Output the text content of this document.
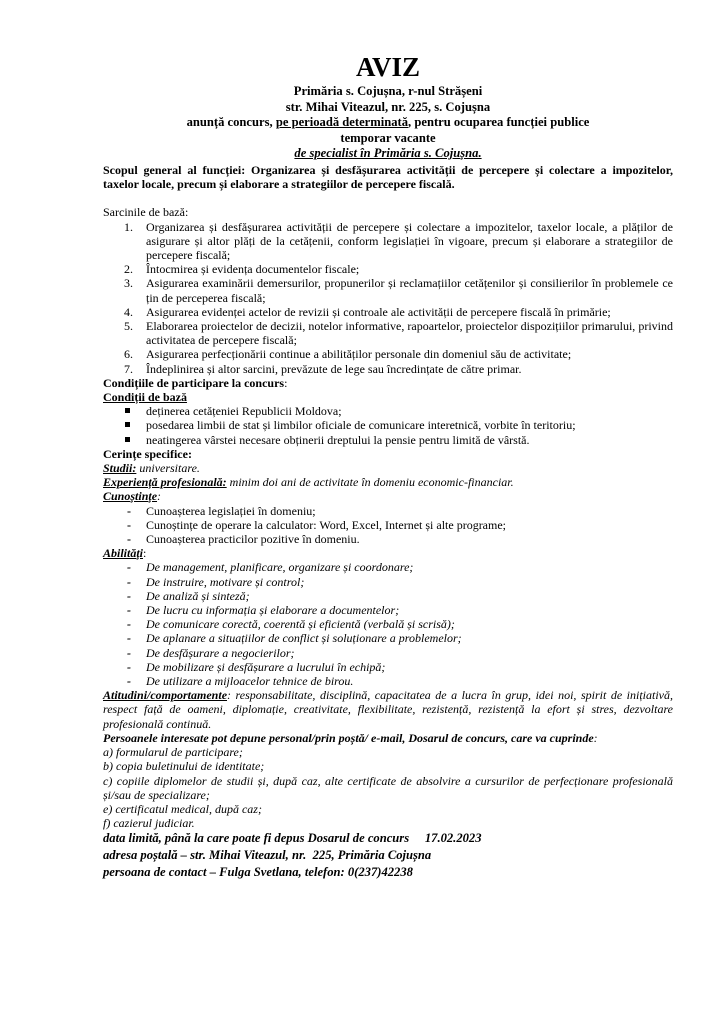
AVIZ
Primăria s. Cojușna, r-nul Strășeni
str. Mihai Viteazul, nr. 225, s. Cojușna
anunță concurs, pe perioadă determinată, pentru ocuparea funcției publice
temporar vacante
de specialist în Primăria s. Cojușna.
Scopul general al funcției: Organizarea și desfășurarea activității de percepere și colectare a impozitelor, taxelor locale, precum și elaborare a strategiilor de percepere fiscală.
Sarcinile de bază:
1. Organizarea și desfășurarea activității de percepere și colectare a impozitelor, taxelor locale, a plăților de asigurare și altor plăți de la cetățenii, conform legislației în vigoare, precum și elaborare a strategiilor de percepere fiscală;
2. Întocmirea și evidența documentelor fiscale;
3. Asigurarea examinării demersurilor, propunerilor și reclamațiilor cetățenilor și consilierilor în problemele ce țin de perceperea fiscală;
4. Asigurarea evidenței actelor de revizii și controale ale activității de percepere fiscală în primărie;
5. Elaborarea proiectelor de decizii, notelor informative, rapoartelor, proiectelor dispozițiilor primarului, privind activitatea de percepere fiscală;
6. Asigurarea perfecționării continue a abilităților personale din domeniul său de activitate;
7. Îndeplinirea și altor sarcini, prevăzute de lege sau încredințate de către primar.
Condițiile de participare la concurs:
Condiții de bază
deținerea cetățeniei Republicii Moldova;
posedarea limbii de stat și limbilor oficiale de comunicare interetnică, vorbite în teritoriu;
neatingerea vârstei necesare obținerii dreptului la pensie pentru limită de vârstă.
Cerințe specifice:
Studii: universitare.
Experiență profesională: minim doi ani de activitate în domeniu economic-financiar.
Cunoștințe:
- Cunoașterea legislației în domeniu;
- Cunoștințe de operare la calculator: Word, Excel, Internet și alte programe;
- Cunoașterea practicilor pozitive în domeniu.
Abilități:
- De management, planificare, organizare și coordonare;
- De instruire, motivare și control;
- De analiză și sinteză;
- De lucru cu informația și elaborare a documentelor;
- De comunicare corectă, coerentă și eficientă (verbală și scrisă);
- De aplanare a situațiilor de conflict și soluționare a problemelor;
- De desfășurare a negocierilor;
- De mobilizare și desfășurare a lucrului în echipă;
- De utilizare a mijloacelor tehnice de birou.
Atitudini/comportamente: responsabilitate, disciplină, capacitatea de a lucra în grup, idei noi, spirit de inițiativă, respect față de oameni, diplomație, creativitate, flexibilitate, rezistență, rezistență la efort și stres, dezvoltare profesională continuă.
Persoanele interesate pot depune personal/prin poștă/ e-mail, Dosarul de concurs, care va cuprinde:
a) formularul de participare;
b) copia buletinului de identitate;
c) copiile diplomelor de studii și, după caz, alte certificate de absolvire a cursurilor de perfecționare profesională și/sau de specializare;
e) certificatul medical, după caz;
f) cazierul judiciar.
data limită, până la care poate fi depus Dosarul de concurs     17.02.2023
adresa poștală – str. Mihai Viteazul, nr.  225, Primăria Cojușna
persoana de contact – Fulga Svetlana, telefon: 0(237)42238
